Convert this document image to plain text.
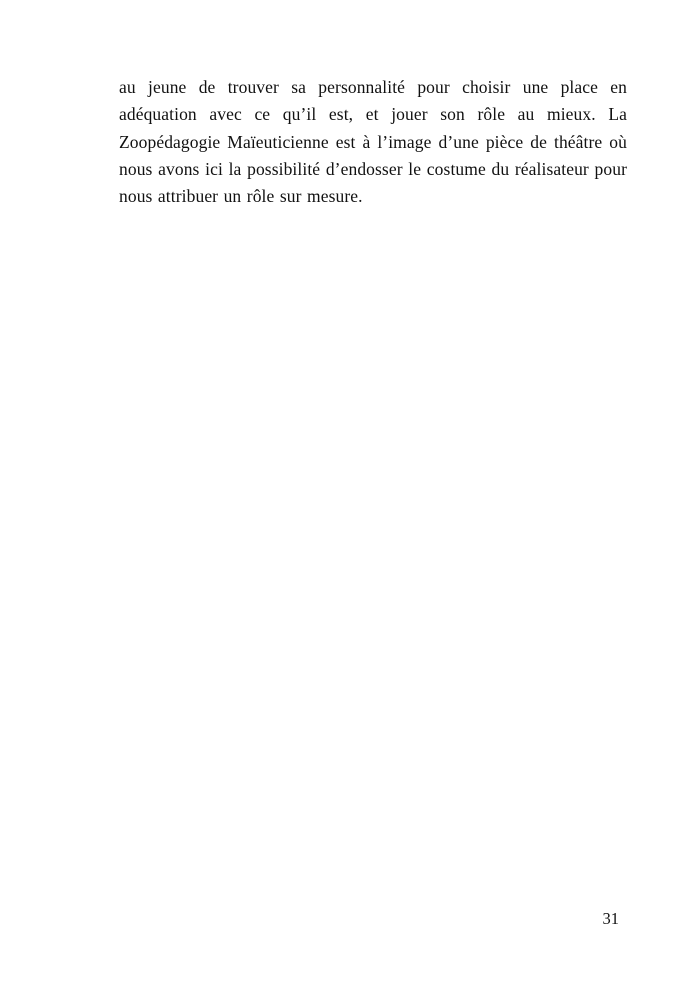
au jeune de trouver sa personnalité pour choisir une place en adéquation avec ce qu’il est, et jouer son rôle au mieux. La Zoopédagogie Maïeuticienne est à l’image d’une pièce de théâtre où nous avons ici la possibilité d’endosser le costume du réalisateur pour nous attribuer un rôle sur mesure.

31
